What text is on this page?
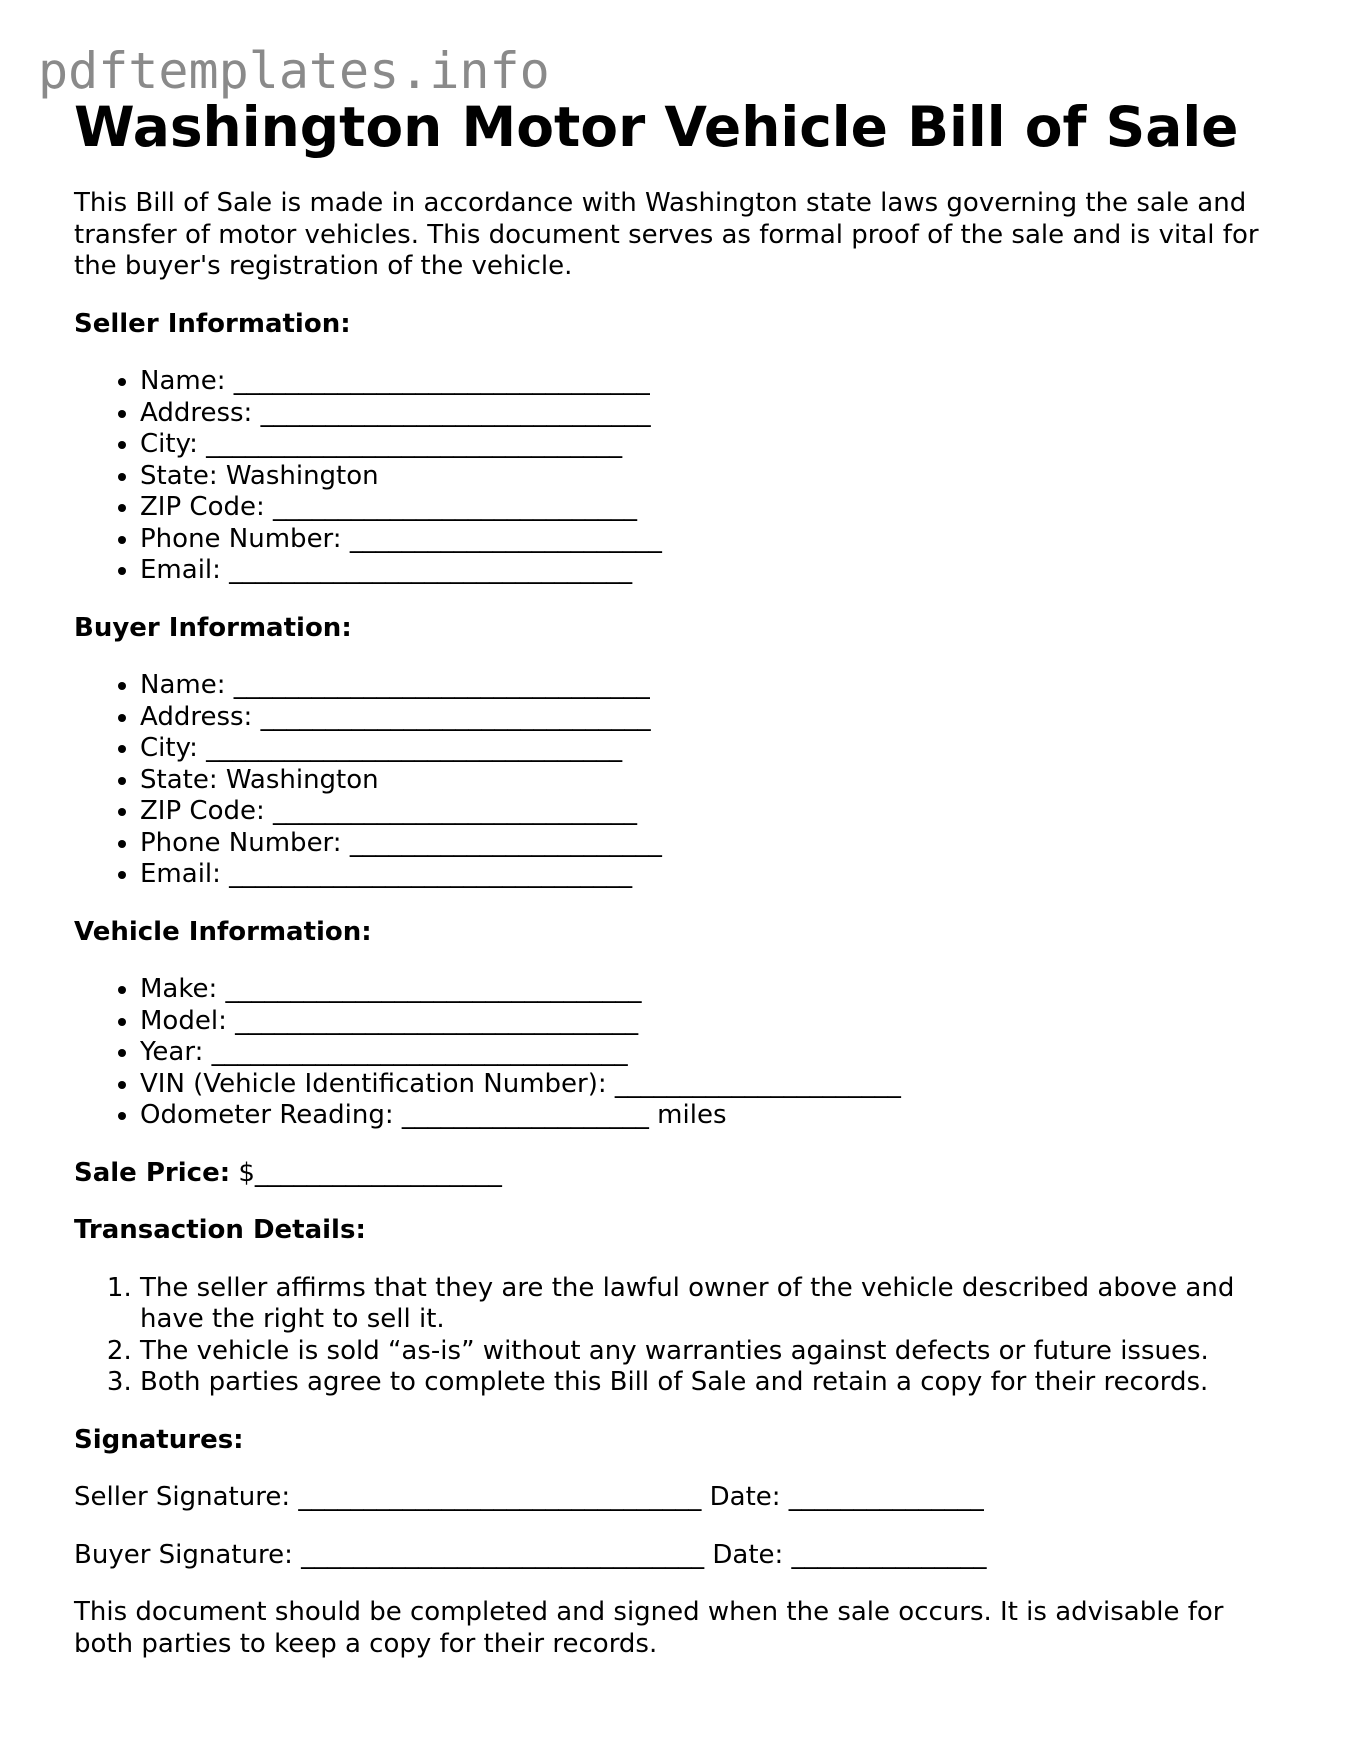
pdftemplates.info
Washington Motor Vehicle Bill of Sale

This Bill of Sale is made in accordance with Washington state laws governing the sale and transfer of motor vehicles. This document serves as formal proof of the sale and is vital for the buyer's registration of the vehicle.

Seller Information:
• Name: ________________________________
• Address: ______________________________
• City: ________________________________
• State: Washington
• ZIP Code: ____________________________
• Phone Number: ________________________
• Email: _______________________________
Buyer Information:
• Name: ________________________________
• Address: ______________________________
• City: ________________________________
• State: Washington
• ZIP Code: ____________________________
• Phone Number: ________________________
• Email: _______________________________
Vehicle Information:
• Make: ________________________________
• Model: _______________________________
• Year: ________________________________
• VIN (Vehicle Identification Number): ______________________
• Odometer Reading: ___________________ miles
Sale Price: $___________________
Transaction Details:
1. The seller affirms that they are the lawful owner of the vehicle described above and have the right to sell it.
2. The vehicle is sold “as-is” without any warranties against defects or future issues.
3. Both parties agree to complete this Bill of Sale and retain a copy for their records.
Signatures:
Seller Signature: _______________________________ Date: _______________
Buyer Signature: _______________________________ Date: _______________

This document should be completed and signed when the sale occurs. It is advisable for both parties to keep a copy for their records.
